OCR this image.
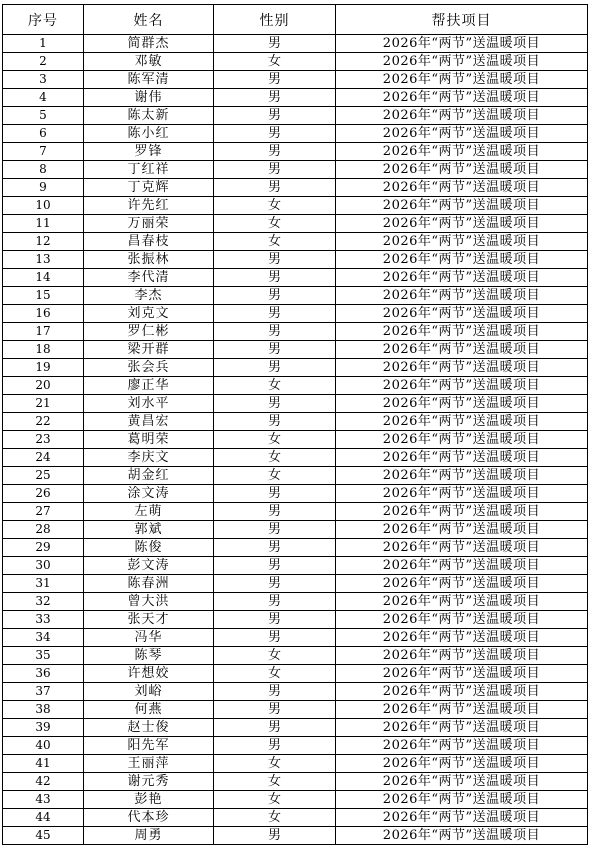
序号	姓名	性别	帮扶项目
1	简群杰	男	2026年“两节”送温暖项目
2	邓敏	女	2026年“两节”送温暖项目
3	陈军清	男	2026年“两节”送温暖项目
4	谢伟	男	2026年“两节”送温暖项目
5	陈太新	男	2026年“两节”送温暖项目
6	陈小红	男	2026年“两节”送温暖项目
7	罗锋	男	2026年“两节”送温暖项目
8	丁红祥	男	2026年“两节”送温暖项目
9	丁克辉	男	2026年“两节”送温暖项目
10	许先红	女	2026年“两节”送温暖项目
11	万丽荣	女	2026年“两节”送温暖项目
12	昌春枝	女	2026年“两节”送温暖项目
13	张振林	男	2026年“两节”送温暖项目
14	李代清	男	2026年“两节”送温暖项目
15	李杰	男	2026年“两节”送温暖项目
16	刘克文	男	2026年“两节”送温暖项目
17	罗仁彬	男	2026年“两节”送温暖项目
18	梁开群	男	2026年“两节”送温暖项目
19	张会兵	男	2026年“两节”送温暖项目
20	廖正华	女	2026年“两节”送温暖项目
21	刘水平	男	2026年“两节”送温暖项目
22	黄昌宏	男	2026年“两节”送温暖项目
23	葛明荣	女	2026年“两节”送温暖项目
24	李庆文	女	2026年“两节”送温暖项目
25	胡金红	女	2026年“两节”送温暖项目
26	涂文涛	男	2026年“两节”送温暖项目
27	左萌	男	2026年“两节”送温暖项目
28	郭斌	男	2026年“两节”送温暖项目
29	陈俊	男	2026年“两节”送温暖项目
30	彭文涛	男	2026年“两节”送温暖项目
31	陈春洲	男	2026年“两节”送温暖项目
32	曾大洪	男	2026年“两节”送温暖项目
33	张天才	男	2026年“两节”送温暖项目
34	冯华	男	2026年“两节”送温暖项目
35	陈琴	女	2026年“两节”送温暖项目
36	许想姣	女	2026年“两节”送温暖项目
37	刘峪	男	2026年“两节”送温暖项目
38	何燕	男	2026年“两节”送温暖项目
39	赵士俊	男	2026年“两节”送温暖项目
40	阳先军	男	2026年“两节”送温暖项目
41	王丽萍	女	2026年“两节”送温暖项目
42	谢元秀	女	2026年“两节”送温暖项目
43	彭艳	女	2026年“两节”送温暖项目
44	代本珍	女	2026年“两节”送温暖项目
45	周勇	男	2026年“两节”送温暖项目
